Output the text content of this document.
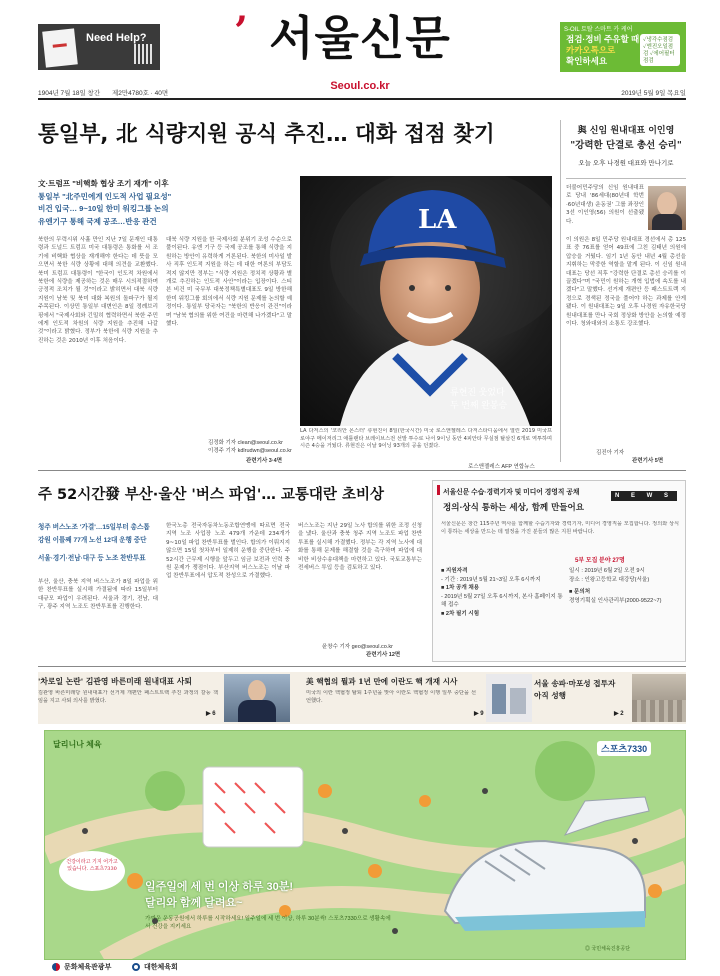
Need Help? ’ 서울신문
Seoul.co.kr
S-OIL 토탈 스마트 카 케어
점검·정비 주유할 때
카카오톡으로
확인하세요
✓냉각수점검 ✓엔진오일점검 ✓에어필터점검
1904년 7월 18일 창간 제2만4780호 · 40면	2019년 5월 9일 목요일
통일부, 北 식량지원 공식 추진… 대화 접점 찾기
文·트럼프 "비핵화 협상 조기 재개" 이후
통일부 "北주민에게 인도적 사업 필요성"
비건 입국… 9~10일 한미 워킹그룹 논의
유엔기구 통해 국제 공조…반응 관건
북한의 무력시위 사흘 만인 지난 7일 문재인 대통령과 도널드 트럼프 미국 대통령은 통화를 서 조기에 비핵화 협상을 재개해야 한다는 데 뜻을 모으면서 북한 식량 상황에 대해 의견을 교환했다. 북미 트럼프 대통령이 "한국이 인도적 차원에서 북한에 식량을 제공하는 것은 매우 시의적절하며 긍정적 조치가 될 것"이라고 밝히면서 대북 식량 지원이 남북 및 북미 대화 복원의 돌파구가 될지 주목된다. 이상민 통일부 대변인은 8일 정례브리핑에서 "국제사회와 긴밀히 협력하면서 북한 주민에게 인도적 차원의 식량 지원을 추진해 나갈 것"이라고 밝혔다. 정부가 북한에 식량 지원을 추진하는 것은 2010년 이후 처음이다.
대북 식량 지원을 한 국제사회 분위기 조성 수순으로 풀이된다. 유엔 기구 등 국제 공조를 통해 식량을 지원하는 방안이 유력하게 거론된다. 북한의 미사일 발사 직후 인도적 지원을 하는 데 대한 여론의 부담도 적지 않지만 정부는 "식량 지원은 정치적 상황과 별개로 추진하는 인도적 사안"이라는 입장이다. 스티븐 비건 미 국무부 대북정책특별대표도 9일 방한해 한미 워킹그룹 회의에서 식량 지원 문제를 논의할 예정이다. 통일부 당국자는 "북한의 반응이 관건"이라며 "남북 협의를 위한 여건을 마련해 나가겠다"고 말했다.
LA
류현진 웃었다
두 번째 완봉승
LA 다저스의 '코리안 몬스터' 류현진이 8일(한국시간) 미국 로스앤젤레스 다저스타디움에서 열린 2019 미국프로야구 메이저리그 애틀랜타 브레이브스전 선발 투수로 나서 9이닝 동안 4피안타 무실점 탈삼진 6개로 역투하며 시즌 4승을 거뒀다. 류현진은 이날 9이닝 93개의 공을 던졌다.
로스앤젤레스 AFP 연합뉴스
김정화 기자 clean@seoul.co.kr
이경주 기자 kdlrudwn@seoul.co.kr
관련기사 3·4면
與 신임 원내대표 이인영
"강력한 단결로 총선 승리"
오늘 오후 나경원 대표와 만나기로
더불어민주당의 신임 원내대표로 당내 '86세대(80년대 학번·60년대생) 운동권' 그룹 좌장인 3선 이인영(56) 의원이 선출됐다.
이 의원은 8일 민주당 원내대표 경선에서 총 125표 중 76표를 얻어 49표에 그친 김태년 의원에 압승을 거뒀다. 임기 1년 동안 내년 4월 총선을 지휘하는 막중한 역할을 맡게 된다. 이 신임 원내대표는 당선 직후 "강력한 단결로 총선 승리를 이끌겠다"며 "국민이 원하는 개혁 입법에 속도를 내겠다"고 말했다. 선거제 개편안 등 패스트트랙 지정으로 경색된 정국을 풀어야 하는 과제를 안게 됐다. 이 원내대표는 9일 오후 나경원 자유한국당 원내대표를 만나 국회 정상화 방안을 논의할 예정이다. 청와대와의 소통도 강조했다.
김진아 기자
관련기사 5면
주 52시간發 부산·울산 '버스 파업'… 교통대란 초비상
청주 버스노조 '가결'…15일부터 총스톱
강원 이틀째 77개 노선 12대 운행 중단
서울·경기·전남·대구 등 노조 찬반투표
부산, 울산, 충북 지역 버스노조가 8일 파업을 위한 찬반투표를 실시해 가결됨에 따라 15일부터 대규모 파업이 우려된다. 서울과 경기, 전남, 대구, 광주 지역 노조도 찬반투표를 진행한다.
한국노총 전국자동차노동조합연맹에 따르면 전국 지역 노조 사업장 노조 479개 가운데 234개가 9~10일 파업 찬반투표를 벌인다. 합의가 이뤄지지 않으면 15일 첫차부터 일제히 운행을 중단한다. 주 52시간 근무제 시행을 앞두고 임금 보전과 인력 충원 문제가 쟁점이다. 부산지역 버스노조는 이날 파업 찬반투표에서 압도적 찬성으로 가결했다.
버스노조는 지난 29일 노사 합의를 위한 조정 신청을 냈다. 울산과 충북 청주 지역 노조도 파업 찬반투표를 실시해 가결했다. 정부는 각 지역 노사에 대화를 통해 문제를 해결할 것을 촉구하며 파업에 대비한 비상수송대책을 마련하고 있다. 국토교통부는 전세버스 투입 등을 검토하고 있다.
윤창수 기자 geo@seoul.co.kr
관련기사 12면
서울신문 수습·경력기자 및 미디어 경영직 공채
정의·상식 통하는 세상, 함께 만들어요
N E W S
서울신문은 창간 115주년 역사를 함께할 수습기자와 경력기자, 미디어 경영직을 모집합니다. 정의와 상식이 통하는 세상을 만드는 데 열정을 가진 분들의 많은 지원 바랍니다.
5부 모집 분야 27명
■ 지원자격
- 기간 : 2019년 5월 21~3일 오후 6시까지
■ 1차 공개 채용
- 2019년 5월 27일 오후 6시까지, 본사 홈페이지 통해 접수
■ 2차 필기 시험
일시 : 2019년 6월 2일 오전 9시
장소 : 인왕고등학교 대강당(서울)
■ 문의처
경영기획실 인사관리부(2000-9522~7)
'차로일 논란' 김관영 바른미래 원내대표 사퇴
김관영 바른미래당 원내대표가 선거제 개편안 패스트트랙 추진 과정의 갈등 책임을 지고 사퇴 의사를 밝혔다.
▶ 6
美 핵협의 뭘과 1년 만에 이란도 핵 개재 시사
미국의 이란 핵협정 탈퇴 1주년을 맞아 이란도 핵협정 이행 일부 중단을 선언했다.
▶ 9
서울 송파·마포성 접투자 아직 성행
▶ 2
달리니나 체육	스포츠7330
건강이라고 기지 어가고 있습니다. 스포츠7330
일주일에 세 번 이상 하루 30분!
달리와 함께 달려요~
가까운 운동공원에서 하루를 시작하세요! 일주일에 세 번 이상, 하루 30분씩! 스포츠7330으로 생활속에서 건강을 지키세요
◎ 국민체육진흥공단
문화체육관광부	대한체육회
